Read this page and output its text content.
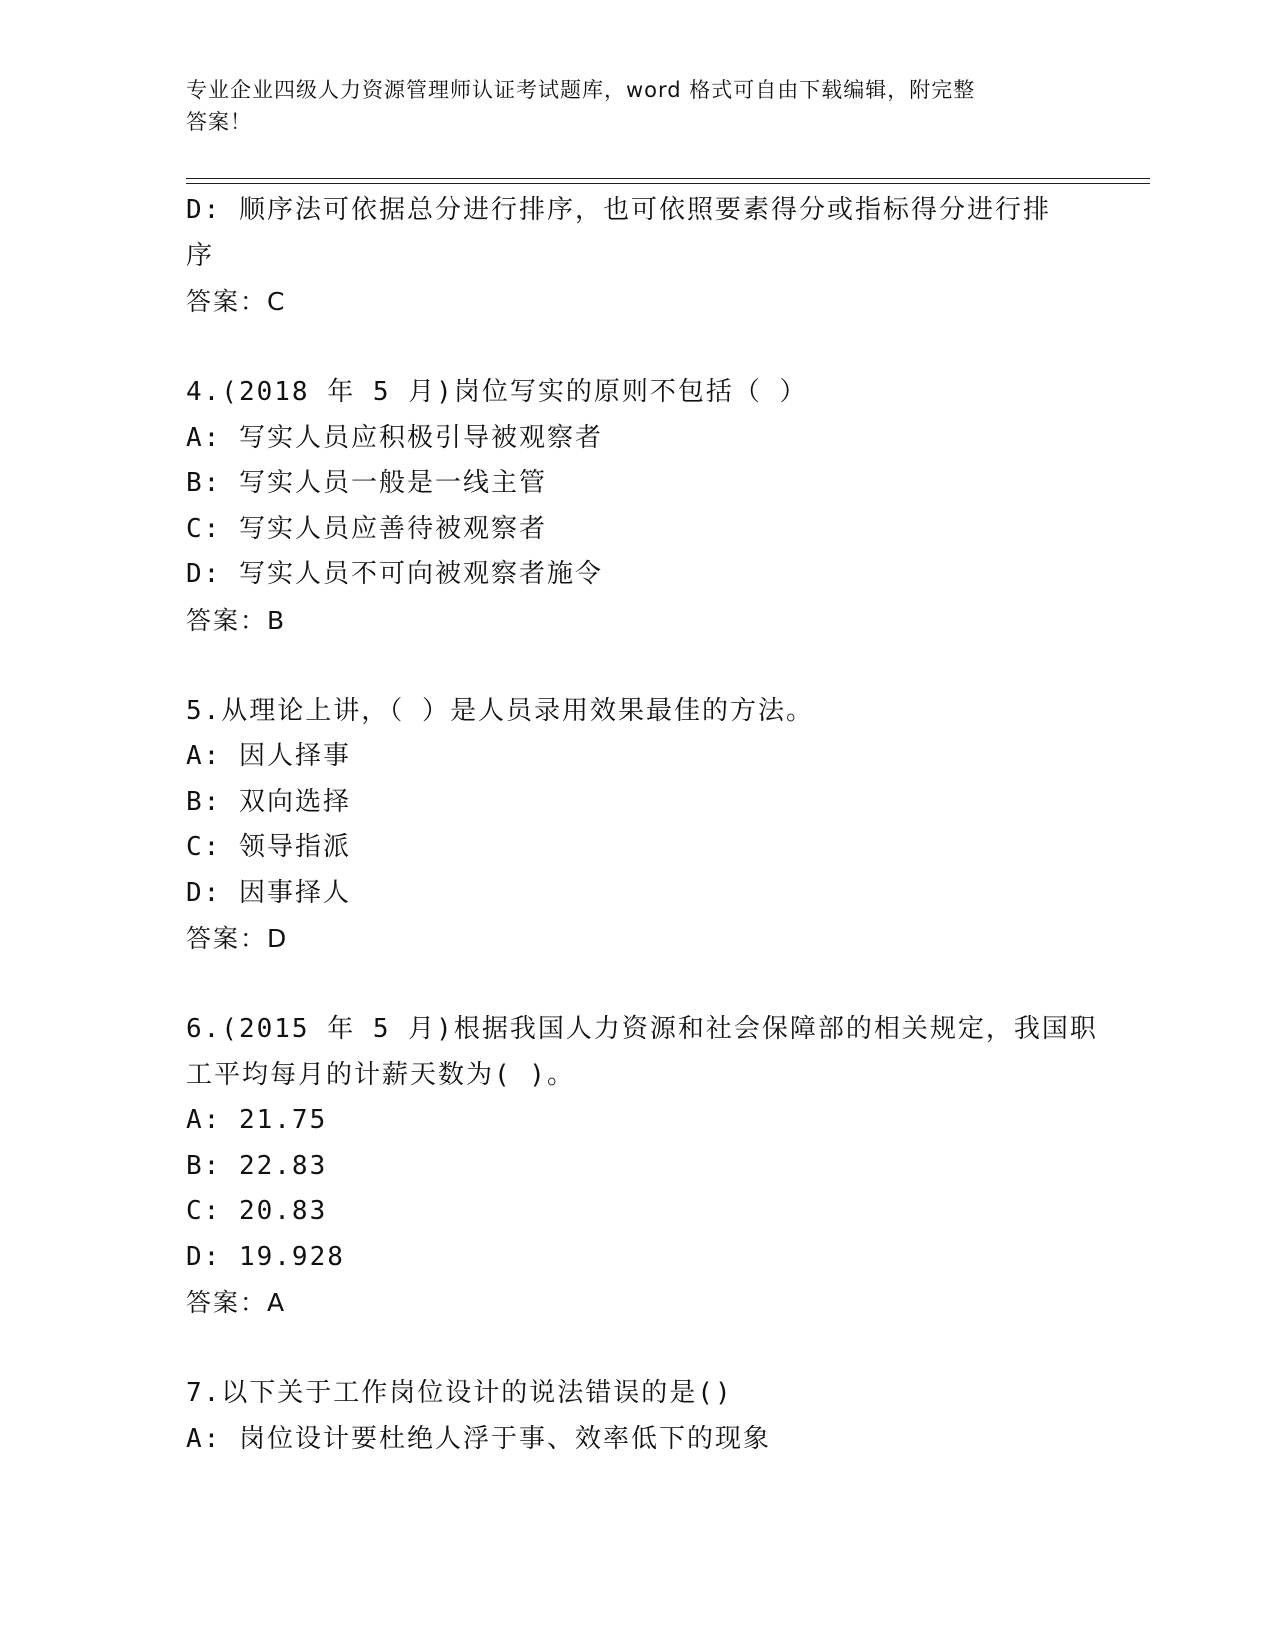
专业企业四级人力资源管理师认证考试题库，word 格式可自由下载编辑，附完整
答案！
D: 顺序法可依据总分进行排序，也可依照要素得分或指标得分进行排
序
答案：C
4.(2018 年 5 月)岗位写实的原则不包括（ ）
A: 写实人员应积极引导被观察者
B: 写实人员一般是一线主管
C: 写实人员应善待被观察者
D: 写实人员不可向被观察者施令
答案：B
5.从理论上讲，（ ）是人员录用效果最佳的方法。
A: 因人择事
B: 双向选择
C: 领导指派
D: 因事择人
答案：D
6.(2015 年 5 月)根据我国人力资源和社会保障部的相关规定，我国职
工平均每月的计薪天数为( )。
A: 21.75
B: 22.83
C: 20.83
D: 19.928
答案：A
7.以下关于工作岗位设计的说法错误的是()
A: 岗位设计要杜绝人浮于事、效率低下的现象
